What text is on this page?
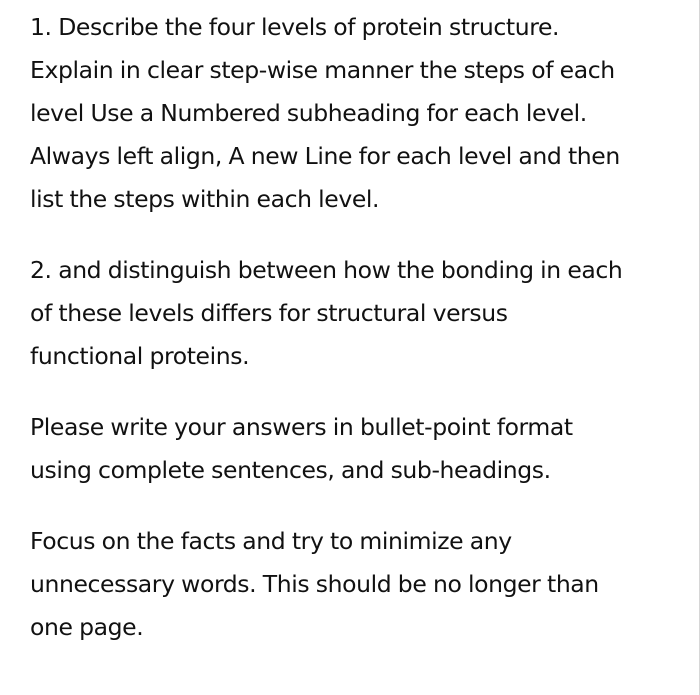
1. Describe the four levels of protein structure.
Explain in clear step-wise manner the steps of each
level Use a Numbered subheading for each level.
Always left align, A new Line for each level and then
list the steps within each level.

2. and distinguish between how the bonding in each
of these levels differs for structural versus
functional proteins.

Please write your answers in bullet-point format
using complete sentences, and sub-headings.

Focus on the facts and try to minimize any
unnecessary words. This should be no longer than
one page.
